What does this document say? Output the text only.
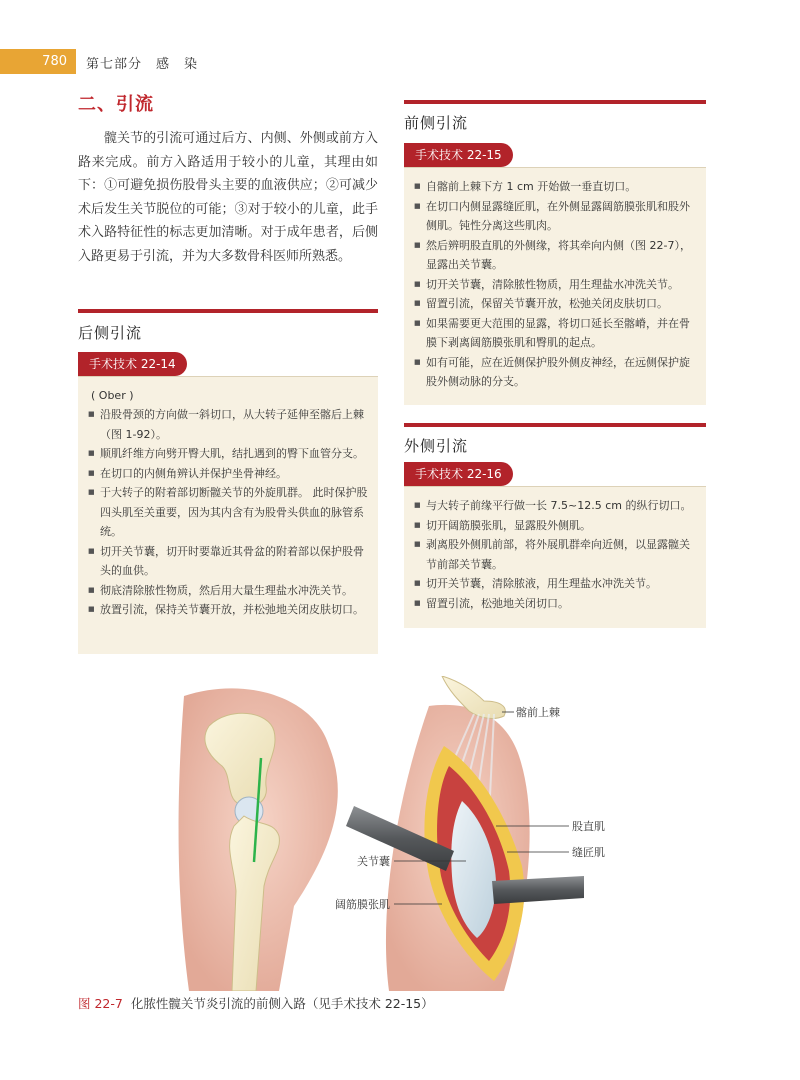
780	第七部分　感　染
二、引流

髋关节的引流可通过后方、内侧、外侧或前方入路来完成。前方入路适用于较小的儿童，其理由如下：①可避免损伤股骨头主要的血液供应；②可减少术后发生关节脱位的可能；③对于较小的儿童，此手术入路特征性的标志更加清晰。对于成年患者，后侧入路更易于引流，并为大多数骨科医师所熟悉。

后侧引流
手术技术 22-14
( Ober )
■ 沿股骨颈的方向做一斜切口，从大转子延伸至髂后上棘（图 1-92）。
■ 顺肌纤维方向劈开臀大肌，结扎遇到的臀下血管分支。
■ 在切口的内侧角辨认并保护坐骨神经。
■ 于大转子的附着部切断髋关节的外旋肌群。 此时保护股四头肌至关重要，因为其内含有为股骨头供血的脉管系统。
■ 切开关节囊，切开时要靠近其骨盆的附着部以保护股骨头的血供。
■ 彻底清除脓性物质，然后用大量生理盐水冲洗关节。
■ 放置引流，保持关节囊开放，并松弛地关闭皮肤切口。
前侧引流
手术技术 22-15
■ 自髂前上棘下方 1 cm 开始做一垂直切口。
■ 在切口内侧显露缝匠肌，在外侧显露阔筋膜张肌和股外侧肌。钝性分离这些肌肉。
■ 然后辨明股直肌的外侧缘，将其牵向内侧（图 22-7），显露出关节囊。
■ 切开关节囊，清除脓性物质，用生理盐水冲洗关节。
■ 留置引流，保留关节囊开放，松弛关闭皮肤切口。
■ 如果需要更大范围的显露，将切口延长至髂嵴，并在骨膜下剥离阔筋膜张肌和臀肌的起点。
■ 如有可能，应在近侧保护股外侧皮神经，在远侧保护旋股外侧动脉的分支。
外侧引流
手术技术 22-16
■ 与大转子前缘平行做一长 7.5~12.5 cm 的纵行切口。
■ 切开阔筋膜张肌，显露股外侧肌。
■ 剥离股外侧肌前部，将外展肌群牵向近侧，以显露髋关节前部关节囊。
■ 切开关节囊，清除脓液，用生理盐水冲洗关节。
■ 留置引流，松弛地关闭切口。
髂前上棘
股直肌
缝匠肌
关节囊
阔筋膜张肌
图 22-7 化脓性髋关节炎引流的前侧入路（见手术技术 22-15）
